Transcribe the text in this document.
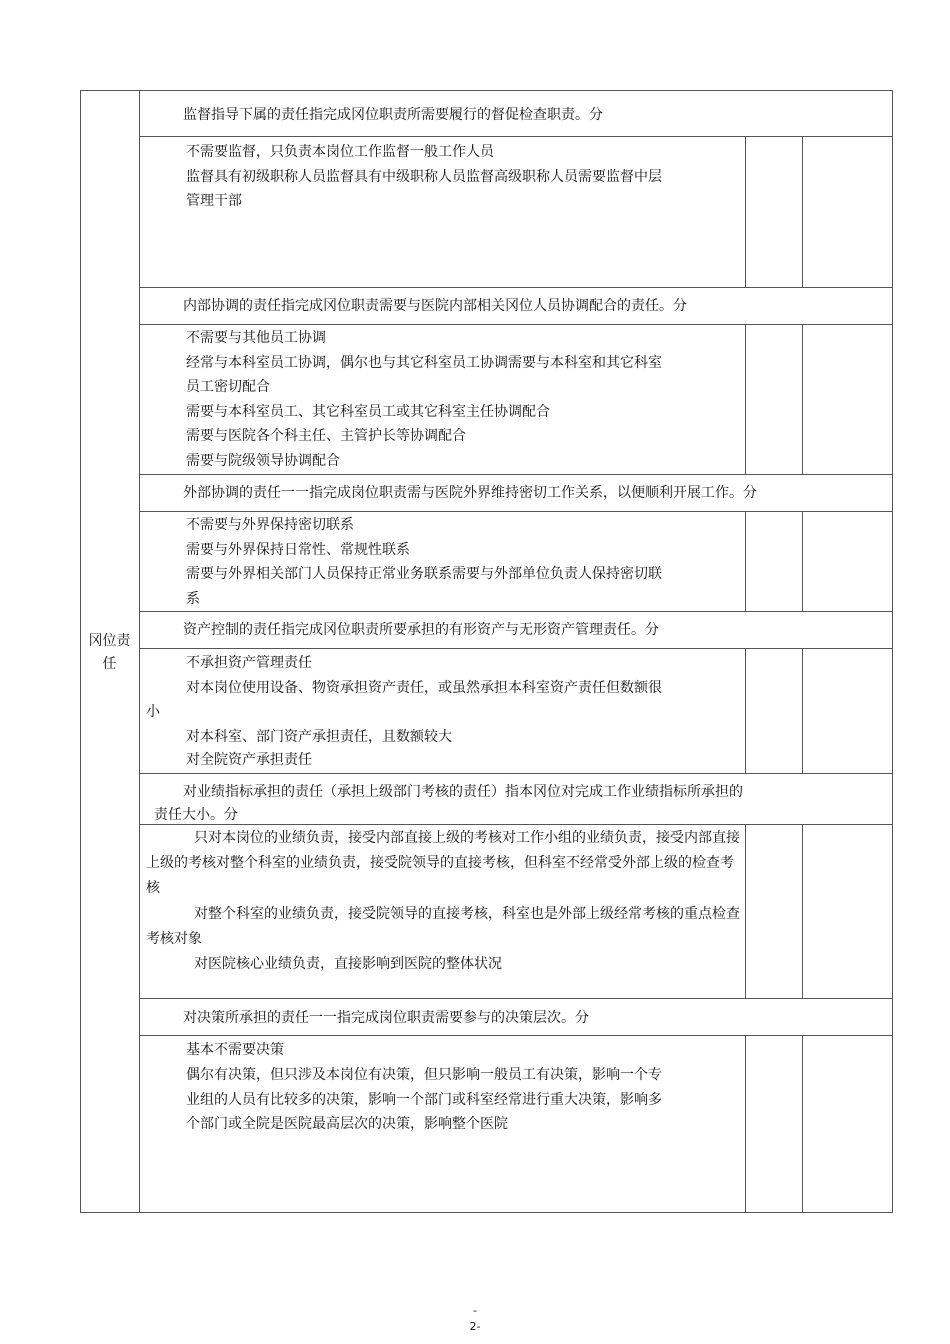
冈位责任
监督指导下属的责任指完成冈位职责所需要履行的督促检查职责。分
不需要监督，只负责本岗位工作监督一般工作人员
监督具有初级职称人员监督具有中级职称人员监督高级职称人员需要监督中层
管理干部
内部协调的责任指完成冈位职责需要与医院内部相关冈位人员协调配合的责任。分
不需要与其他员工协调
经常与本科室员工协调，偶尔也与其它科室员工协调需要与本科室和其它科室
员工密切配合
需要与本科室员工、其它科室员工或其它科室主任协调配合
需要与医院各个科主任、主管护长等协调配合
需要与院级领导协调配合
外部协调的责任一一指完成岗位职责需与医院外界维持密切工作关系，以便顺利开展工作。分
不需要与外界保持密切联系
需要与外界保持日常性、常规性联系
需要与外界相关部门人员保持正常业务联系需要与外部单位负责人保持密切联
系
资产控制的责任指完成冈位职责所要承担的有形资产与无形资产管理责任。分
不承担资产管理责任
对本岗位使用设备、物资承担资产责任，或虽然承担本科室资产责任但数额很
小
对本科室、部门资产承担责任，且数额较大
对全院资产承担责任
对业绩指标承担的责任（承担上级部门考核的责任）指本冈位对完成工作业绩指标所承担的
责任大小。分
只对本岗位的业绩负责，接受内部直接上级的考核对工作小组的业绩负责，接受内部直接上级的考核对整个科室的业绩负责，接受院领导的直接考核，但科室不经常受外部上级的检查考核
对整个科室的业绩负责，接受院领导的直接考核，科室也是外部上级经常考核的重点检查考核对象
对医院核心业绩负责，直接影响到医院的整体状况
对决策所承担的责任一一指完成岗位职责需要参与的决策层次。分
基本不需要决策
偶尔有决策，但只涉及本岗位有决策，但只影响一般员工有决策，影响一个专
业组的人员有比较多的决策，影响一个部门或科室经常进行重大决策，影响多
个部门或全院是医院最高层次的决策，影响整个医院
-
2-
